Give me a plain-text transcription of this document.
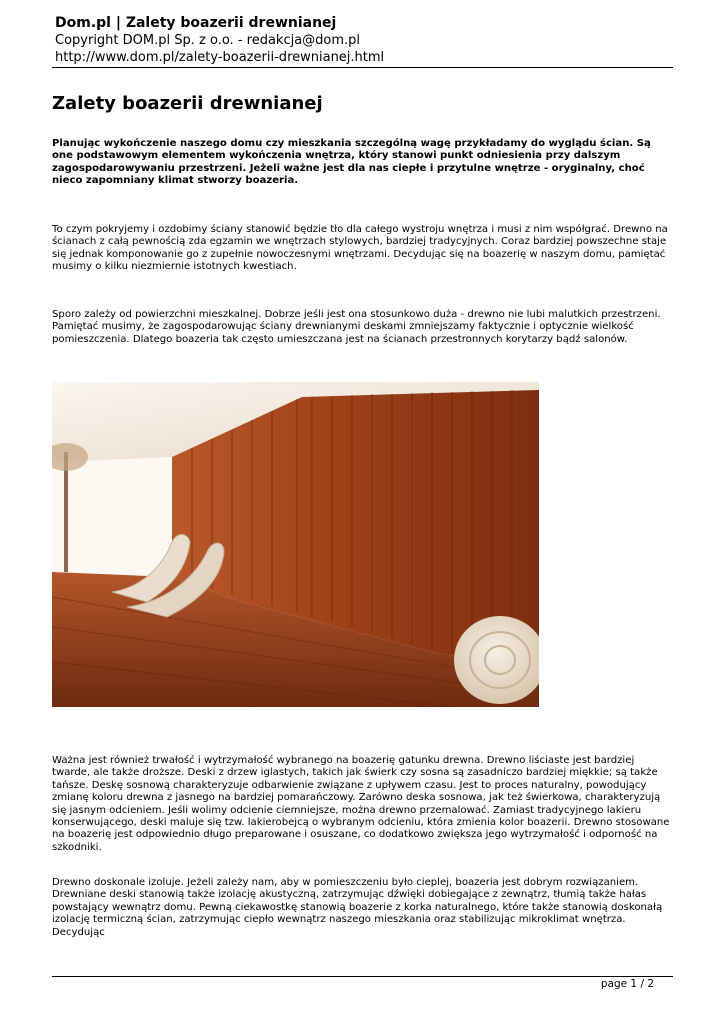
Dom.pl | Zalety boazerii drewnianej
Copyright DOM.pl Sp. z o.o. - redakcja@dom.pl
http://www.dom.pl/zalety-boazerii-drewnianej.html
Zalety boazerii drewnianej

Planując wykończenie naszego domu czy mieszkania szczególną wagę przykładamy do wyglądu ścian. Są one podstawowym elementem wykończenia wnętrza, który stanowi punkt odniesienia przy dalszym zagospodarowywaniu przestrzeni. Jeżeli ważne jest dla nas ciepłe i przytulne wnętrze - oryginalny, choć nieco zapomniany klimat stworzy boazeria.

To czym pokryjemy i ozdobimy ściany stanowić będzie tło dla całego wystroju wnętrza i musi z nim współgrać. Drewno na ścianach z całą pewnością zda egzamin we wnętrzach stylowych, bardziej tradycyjnych. Coraz bardziej powszechne staje się jednak komponowanie go z zupełnie nowoczesnymi wnętrzami. Decydując się na boazerię w naszym domu, pamiętać musimy o kilku niezmiernie istotnych kwestiach.

Sporo zależy od powierzchni mieszkalnej. Dobrze jeśli jest ona stosunkowo duża - drewno nie lubi malutkich przestrzeni. Pamiętać musimy, że zagospodarowując ściany drewnianymi deskami zmniejszamy faktycznie i optycznie wielkość pomieszczenia. Dlatego boazeria tak często umieszczana jest na ścianach przestronnych korytarzy bądź salonów.

Ważna jest również trwałość i wytrzymałość wybranego na boazerię gatunku drewna. Drewno liściaste jest bardziej twarde, ale także droższe. Deski z drzew iglastych, takich jak świerk czy sosna są zasadniczo bardziej miękkie; są także tańsze. Deskę sosnową charakteryzuje odbarwienie związane z upływem czasu. Jest to proces naturalny, powodujący zmianę koloru drewna z jasnego na bardziej pomarańczowy. Zarówno deska sosnowa, jak też świerkowa, charakteryzują się jasnym odcieniem. Jeśli wolimy odcienie ciemniejsze, można drewno przemalować. Zamiast tradycyjnego lakieru konserwującego, deski maluje się tzw. lakierobejcą o wybranym odcieniu, która zmienia kolor boazerii. Drewno stosowane na boazerię jest odpowiednio długo preparowane i osuszane, co dodatkowo zwiększa jego wytrzymałość i odporność na szkodniki.

Drewno doskonale izoluje. Jeżeli zależy nam, aby w pomieszczeniu było cieplej, boazeria jest dobrym rozwiązaniem. Drewniane deski stanowią także izolację akustyczną, zatrzymując dźwięki dobiegające z zewnątrz, tłumią także hałas powstający wewnątrz domu. Pewną ciekawostkę stanowią boazerie z korka naturalnego, które także stanowią doskonałą izolację termiczną ścian, zatrzymując ciepło wewnątrz naszego mieszkania oraz stabilizując mikroklimat wnętrza. Decydując

page 1 / 2
